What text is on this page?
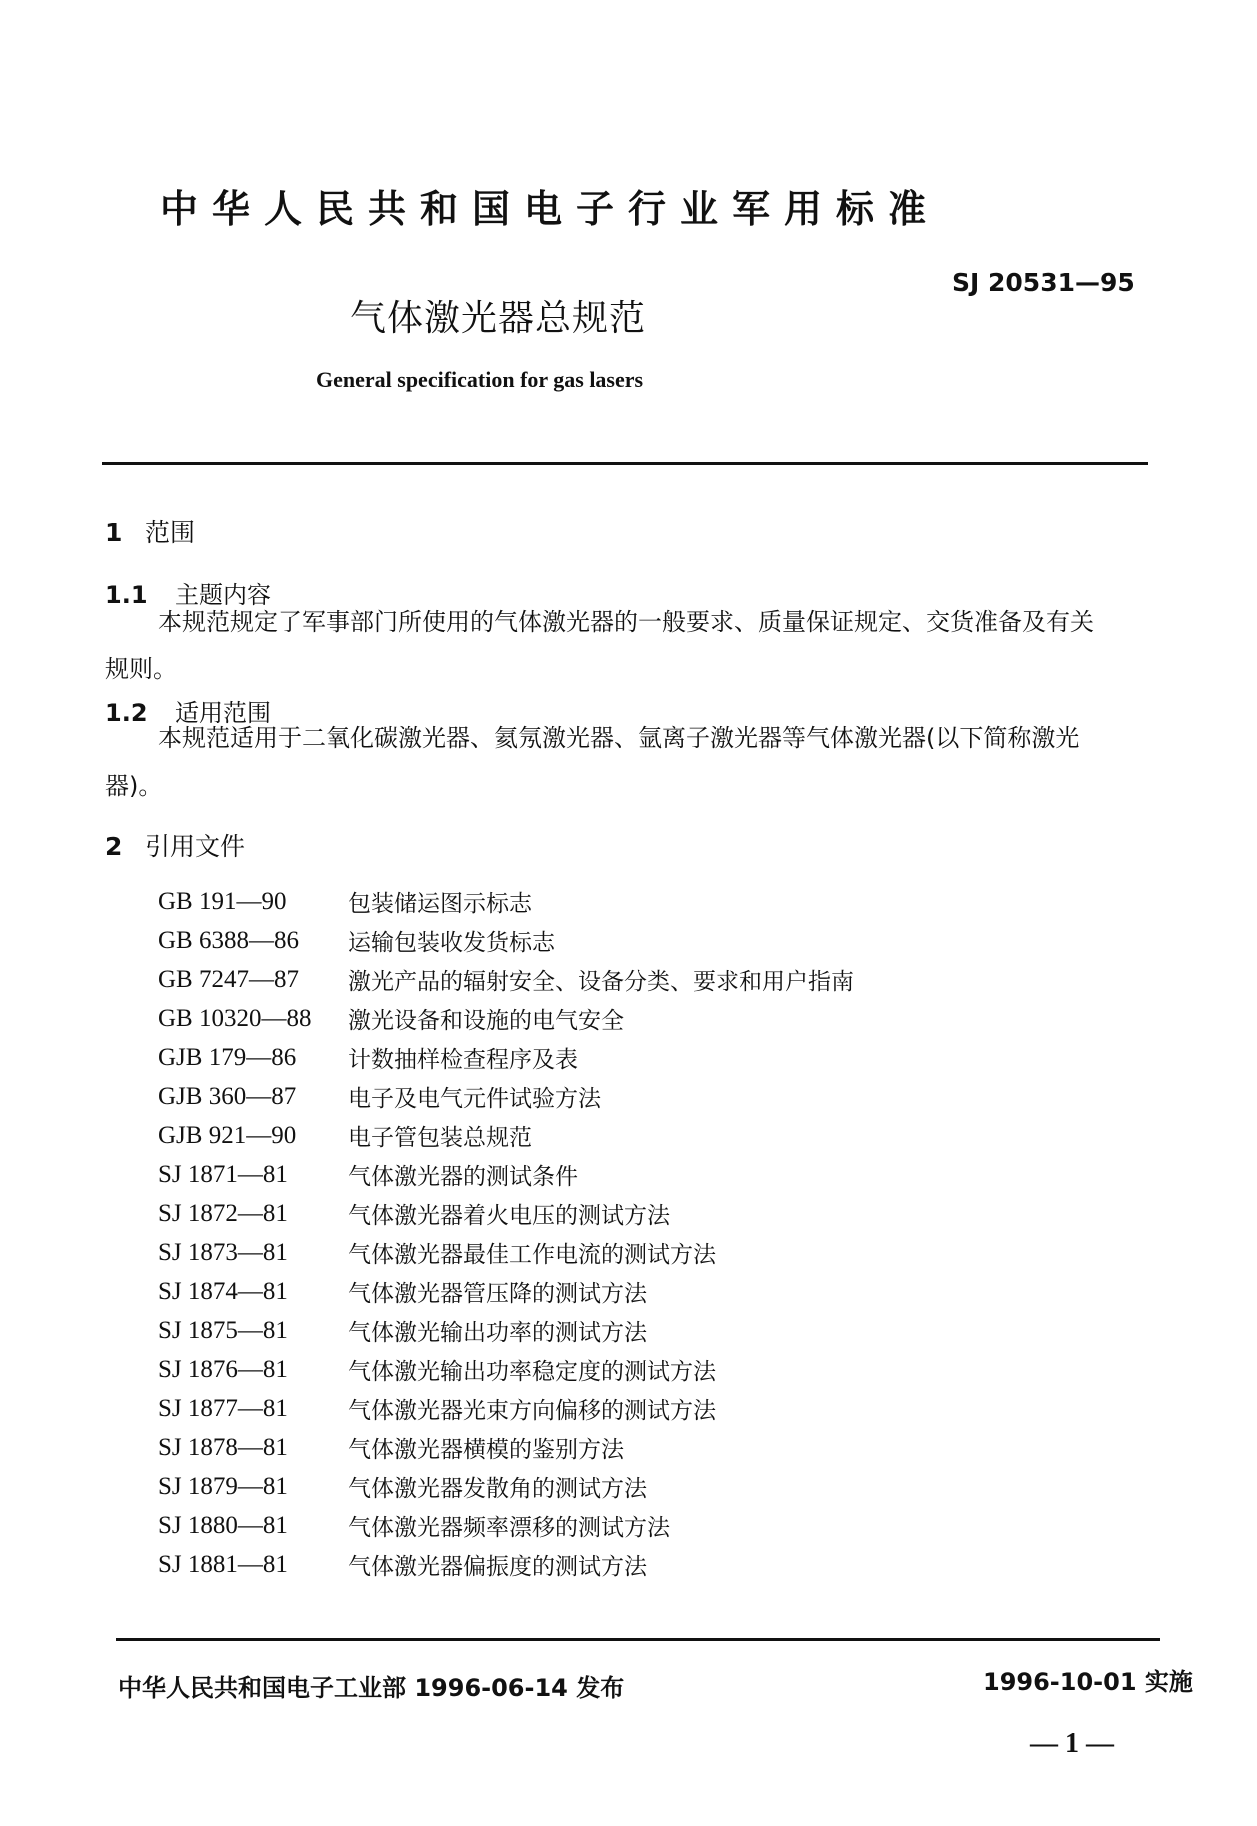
中华人民共和国电子行业军用标准
SJ 20531—95
气体激光器总规范
General specification for gas lasers
1 范围
1.1 主题内容
本规范规定了军事部门所使用的气体激光器的一般要求、质量保证规定、交货准备及有关
规则。
1.2 适用范围
本规范适用于二氧化碳激光器、氦氖激光器、氩离子激光器等气体激光器(以下简称激光
器)。
2 引用文件
GB 191—90	包装储运图示标志
GB 6388—86	运输包装收发货标志
GB 7247—87	激光产品的辐射安全、设备分类、要求和用户指南
GB 10320—88	激光设备和设施的电气安全
GJB 179—86	计数抽样检查程序及表
GJB 360—87	电子及电气元件试验方法
GJB 921—90	电子管包装总规范
SJ 1871—81	气体激光器的测试条件
SJ 1872—81	气体激光器着火电压的测试方法
SJ 1873—81	气体激光器最佳工作电流的测试方法
SJ 1874—81	气体激光器管压降的测试方法
SJ 1875—81	气体激光输出功率的测试方法
SJ 1876—81	气体激光输出功率稳定度的测试方法
SJ 1877—81	气体激光器光束方向偏移的测试方法
SJ 1878—81	气体激光器横模的鉴别方法
SJ 1879—81	气体激光器发散角的测试方法
SJ 1880—81	气体激光器频率漂移的测试方法
SJ 1881—81	气体激光器偏振度的测试方法
中华人民共和国电子工业部 1996-06-14 发布	1996-10-01 实施
— 1 —
